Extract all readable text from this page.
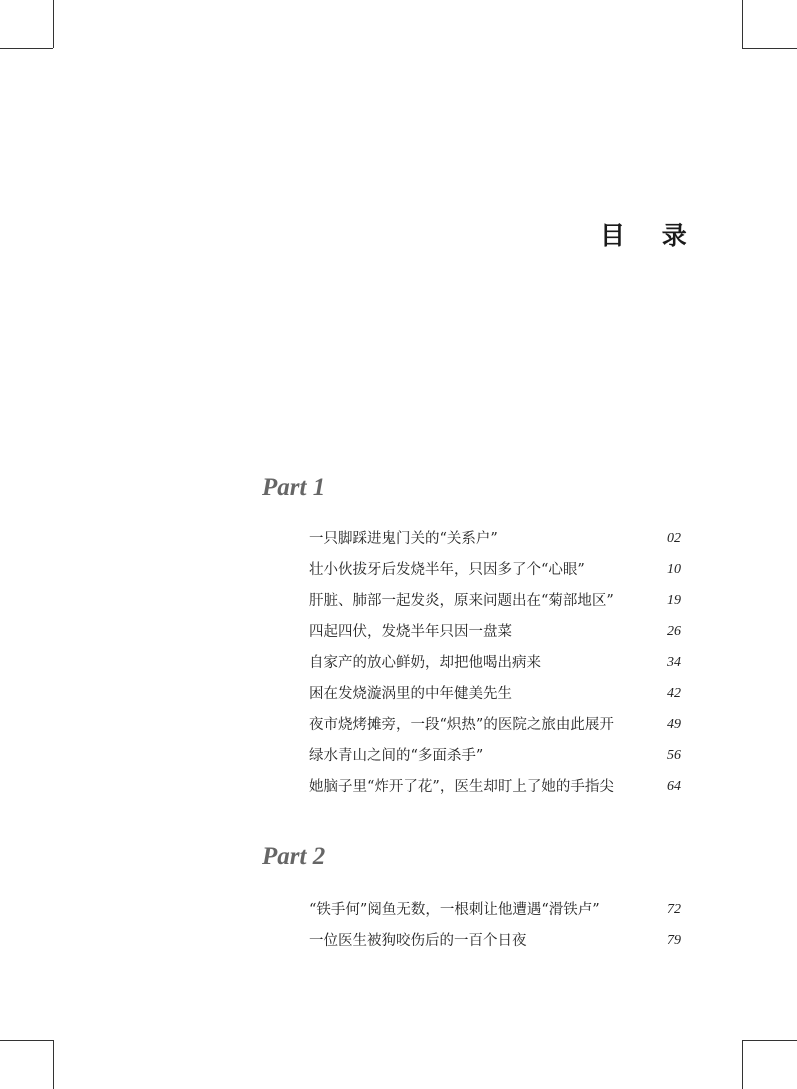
目 录
Part 1
一只脚踩进鬼门关的“关系户”	02
壮小伙拔牙后发烧半年，只因多了个“心眼”	10
肝脏、肺部一起发炎，原来问题出在“菊部地区”	19
四起四伏，发烧半年只因一盘菜	26
自家产的放心鲜奶，却把他喝出病来	34
困在发烧漩涡里的中年健美先生	42
夜市烧烤摊旁，一段“炽热”的医院之旅由此展开	49
绿水青山之间的“多面杀手”	56
她脑子里“炸开了花”，医生却盯上了她的手指尖	64
Part 2
“铁手何”阅鱼无数，一根刺让他遭遇“滑铁卢”	72
一位医生被狗咬伤后的一百个日夜	79
